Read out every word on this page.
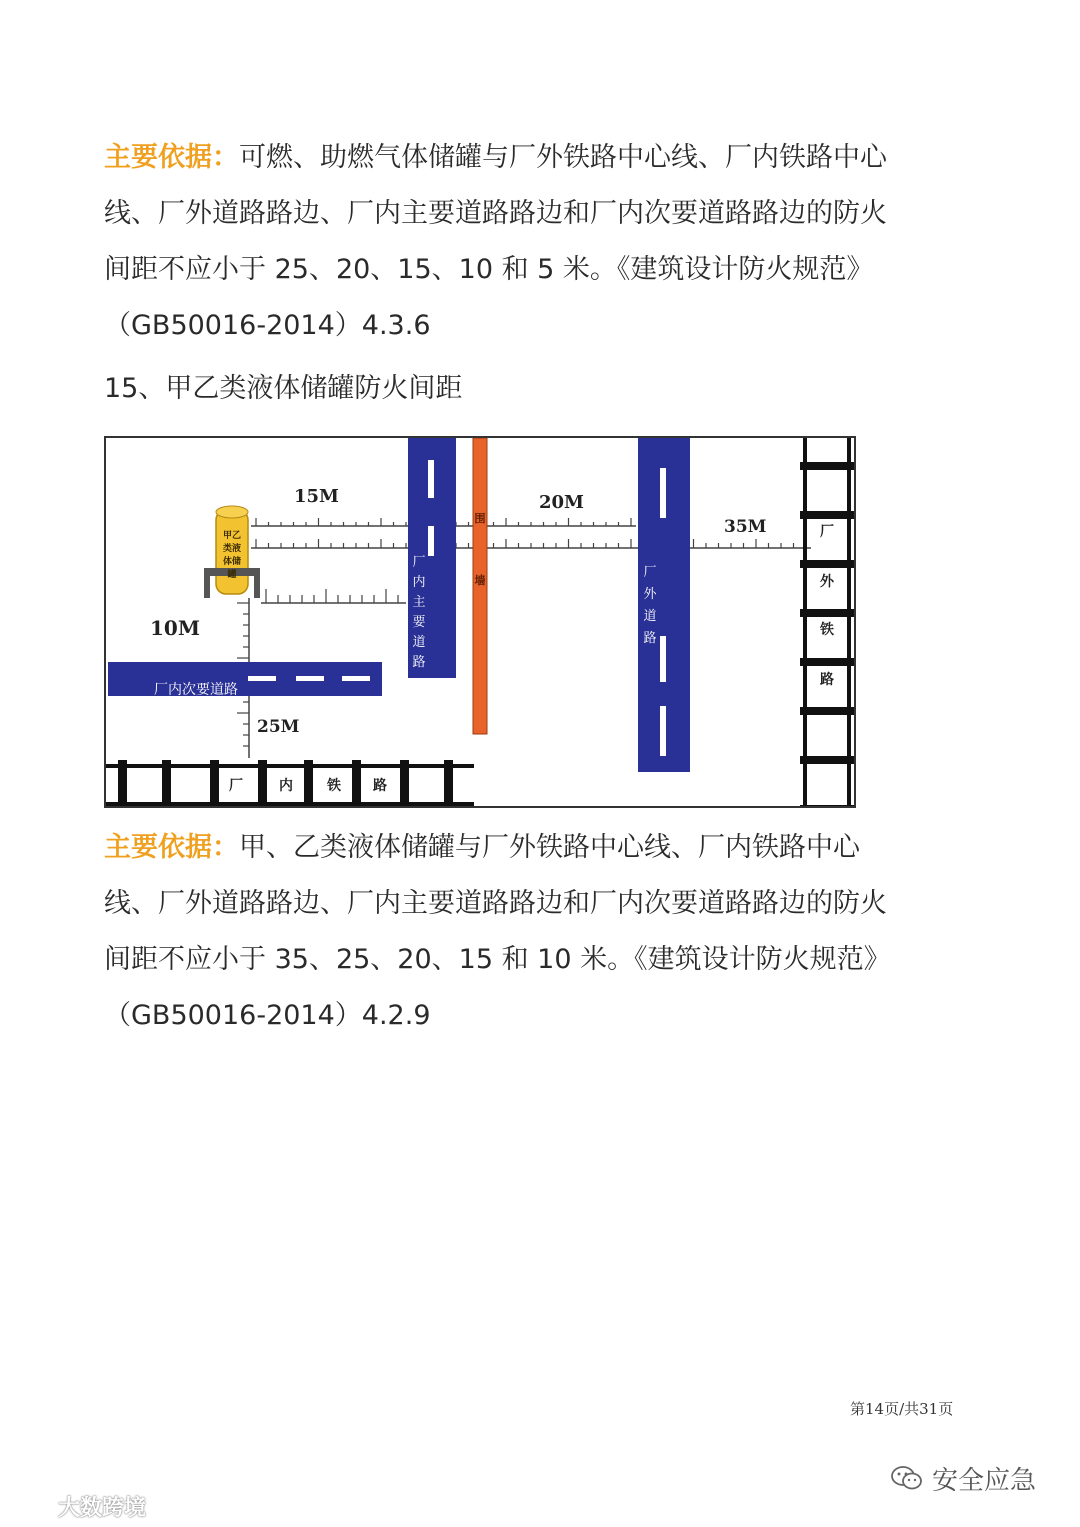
主要依据：可燃、助燃气体储罐与厂外铁路中心线、厂内铁路中心
线、厂外道路路边、厂内主要道路路边和厂内次要道路路边的防火
间距不应小于 25、20、15、10 和 5 米。《建筑设计防火规范》
（GB50016-2014）4.3.6

15、甲乙类液体储罐防火间距

15M	20M
35M
10M
25M
甲乙
类液
体储
罐
厂
内
主
要
道
路
厂
外
道
路
围
墙
厂内次要道路
厂
外
铁
路
厂	内 铁 路

主要依据：甲、乙类液体储罐与厂外铁路中心线、厂内铁路中心
线、厂外道路路边、厂内主要道路路边和厂内次要道路路边的防火
间距不应小于 35、25、20、15 和 10 米。《建筑设计防火规范》
（GB50016-2014）4.2.9

第14页/共31页
安全应急
大数跨境
